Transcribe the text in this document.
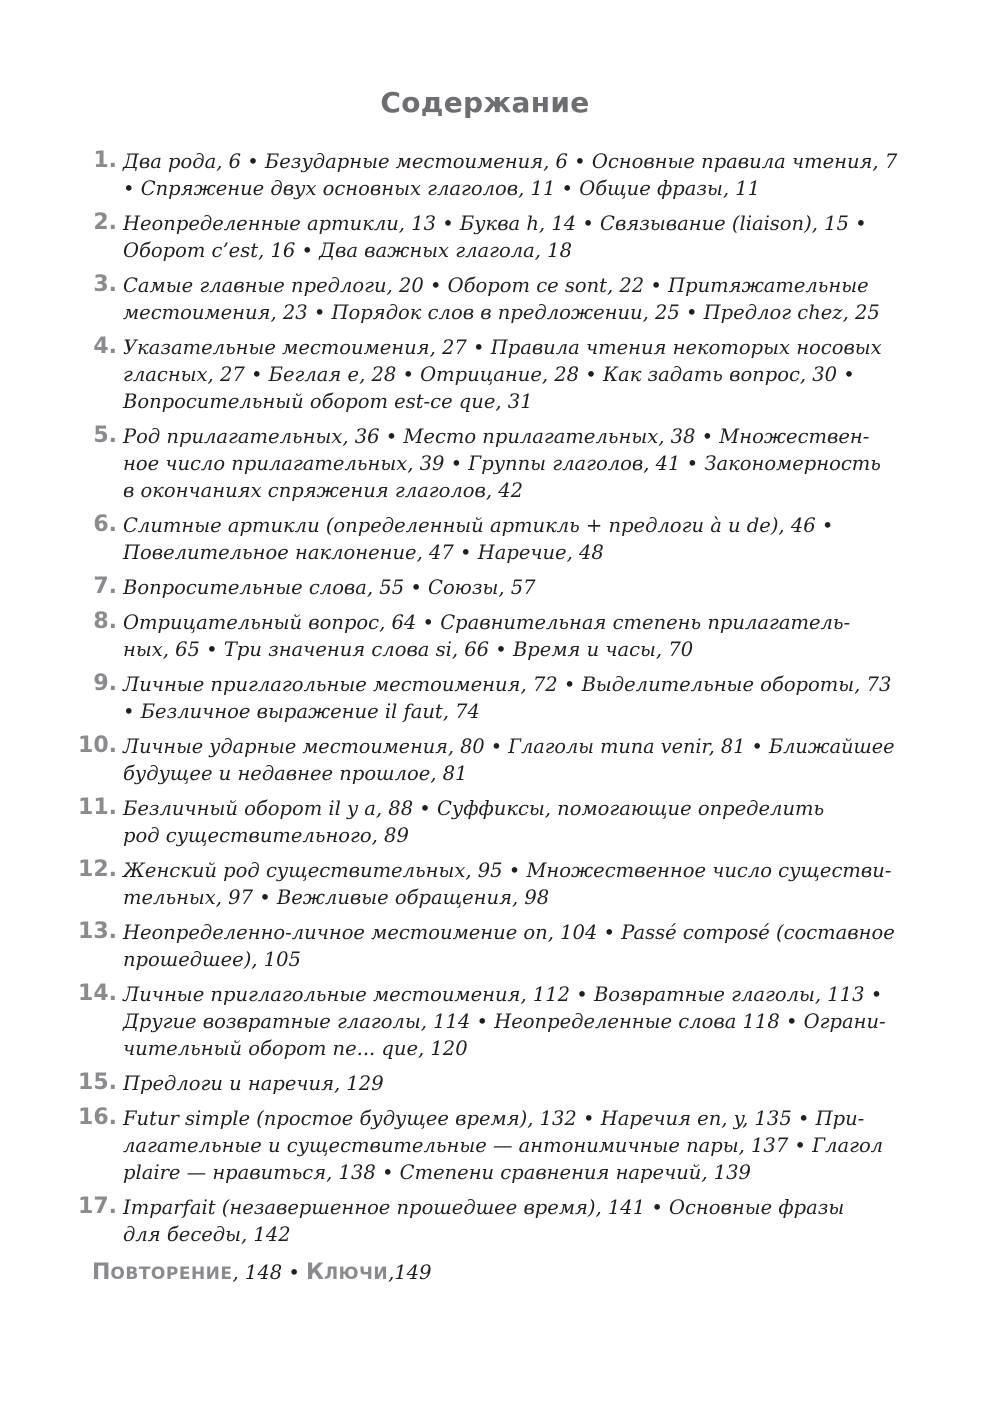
Содержание
1. Два рода, 6 • Безударные местоимения, 6 • Основные правила чтения, 7
• Спряжение двух основных глаголов, 11 • Общие фразы, 11
2. Неопределенные артикли, 13 • Буква h, 14 • Связывание (liaison), 15 •
Оборот c’est, 16 • Два важных глагола, 18
3. Самые главные предлоги, 20 • Оборот ce sont, 22 • Притяжательные
местоимения, 23 • Порядок слов в предложении, 25 • Предлог chez, 25
4. Указательные местоимения, 27 • Правила чтения некоторых носовых
гласных, 27 • Беглая e, 28 • Отрицание, 28 • Как задать вопрос, 30 •
Вопросительный оборот est-ce que, 31
5. Род прилагательных, 36 • Место прилагательных, 38 • Множествен-
ное число прилагательных, 39 • Группы глаголов, 41 • Закономерность
в окончаниях спряжения глаголов, 42
6. Слитные артикли (определенный артикль + предлоги à и de), 46 •
Повелительное наклонение, 47 • Наречие, 48
7. Вопросительные слова, 55 • Союзы, 57
8. Отрицательный вопрос, 64 • Сравнительная степень прилагатель-
ных, 65 • Три значения слова si, 66 • Время и часы, 70
9. Личные приглагольные местоимения, 72 • Выделительные обороты, 73
• Безличное выражение il faut, 74
10. Личные ударные местоимения, 80 • Глаголы типа venir, 81 • Ближайшее
будущее и недавнее прошлое, 81
11. Безличный оборот il y a, 88 • Суффиксы, помогающие определить
род существительного, 89
12. Женский род существительных, 95 • Множественное число существи-
тельных, 97 • Вежливые обращения, 98
13. Неопределенно-личное местоимение on, 104 • Passé composé (составное
прошедшее), 105
14. Личные приглагольные местоимения, 112 • Возвратные глаголы, 113 •
Другие возвратные глаголы, 114 • Неопределенные слова 118 • Ограни-
чительный оборот ne... que, 120
15. Предлоги и наречия, 129
16. Futur simple (простое будущее время), 132 • Наречия en, y, 135 • При-
лагательные и существительные — антонимичные пары, 137 • Глагол
plaire — нравиться, 138 • Степени сравнения наречий, 139
17. Imparfait (незавершенное прошедшее время), 141 • Основные фразы
для беседы, 142
ПОВТОРЕНИЕ, 148 • КЛЮЧИ,149
